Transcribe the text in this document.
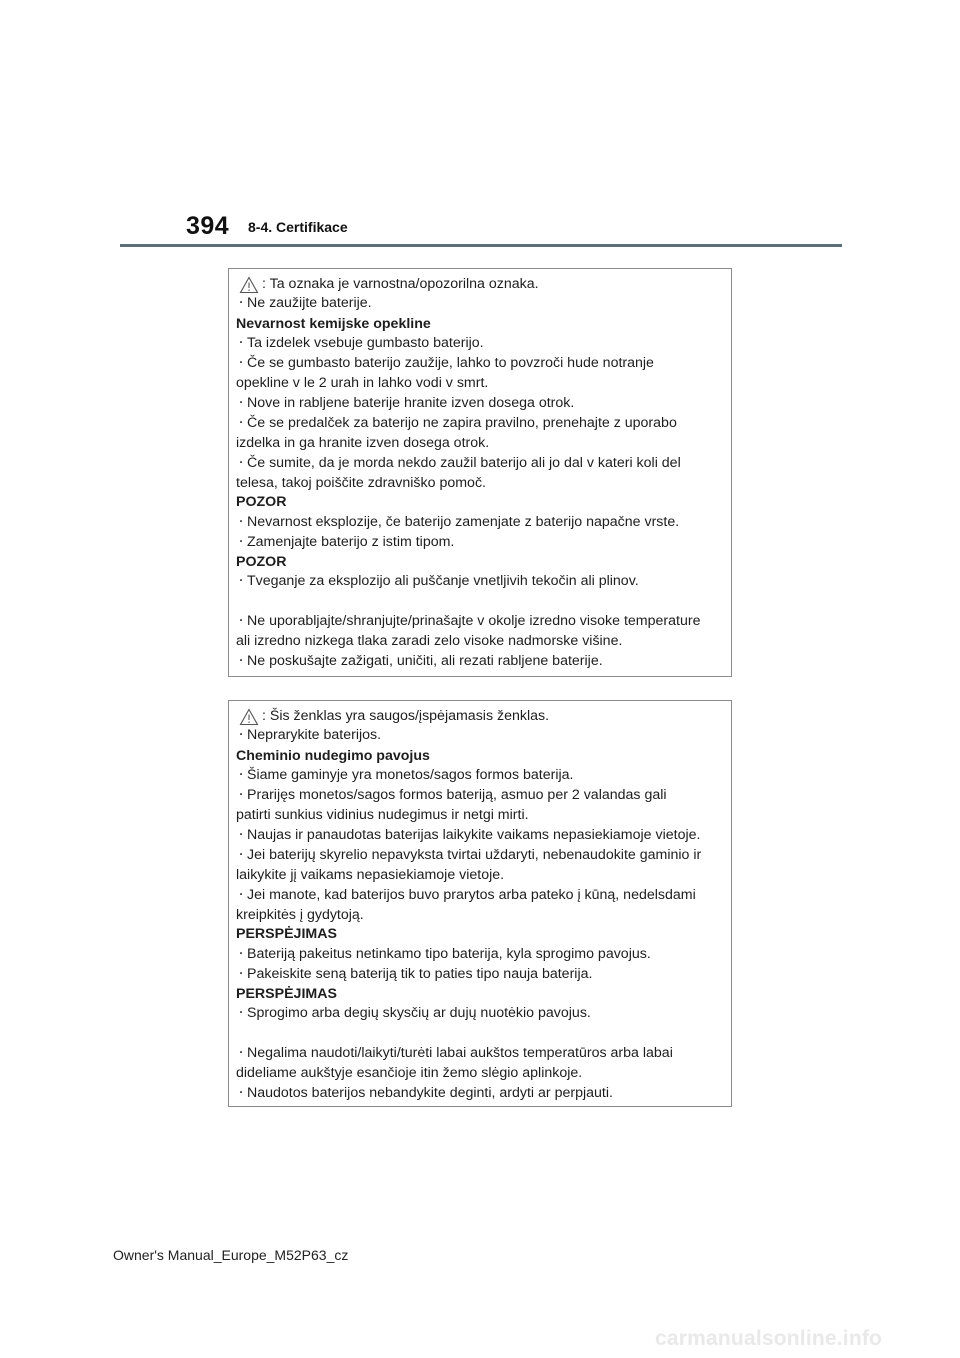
394 8-4. Certifikace
: Ta oznaka je varnostna/opozorilna oznaka.
・ Ne zaužijte baterije.
Nevarnost kemijske opekline
・ Ta izdelek vsebuje gumbasto baterijo.
・ Če se gumbasto baterijo zaužije, lahko to povzroči hude notranje
opekline v le 2 urah in lahko vodi v smrt.
・ Nove in rabljene baterije hranite izven dosega otrok.
・ Če se predalček za baterijo ne zapira pravilno, prenehajte z uporabo
izdelka in ga hranite izven dosega otrok.
・ Če sumite, da je morda nekdo zaužil baterijo ali jo dal v kateri koli del
telesa, takoj poiščite zdravniško pomoč.
POZOR
・ Nevarnost eksplozije, če baterijo zamenjate z baterijo napačne vrste.
・ Zamenjajte baterijo z istim tipom.
POZOR
・ Tveganje za eksplozijo ali puščanje vnetljivih tekočin ali plinov.
・ Ne uporabljajte/shranjujte/prinašajte v okolje izredno visoke temperature
ali izredno nizkega tlaka zaradi zelo visoke nadmorske višine.
・ Ne poskušajte zažigati, uničiti, ali rezati rabljene baterije.
: Šis ženklas yra saugos/įspėjamasis ženklas.
・ Neprarykite baterijos.
Cheminio nudegimo pavojus
・ Šiame gaminyje yra monetos/sagos formos baterija.
・ Prarijęs monetos/sagos formos bateriją, asmuo per 2 valandas gali
patirti sunkius vidinius nudegimus ir netgi mirti.
・ Naujas ir panaudotas baterijas laikykite vaikams nepasiekiamoje vietoje.
・ Jei baterijų skyrelio nepavyksta tvirtai uždaryti, nebenaudokite gaminio ir
laikykite jį vaikams nepasiekiamoje vietoje.
・ Jei manote, kad baterijos buvo prarytos arba pateko į kūną, nedelsdami
kreipkitės į gydytoją.
PERSPĖJIMAS
・ Bateriją pakeitus netinkamo tipo baterija, kyla sprogimo pavojus.
・ Pakeiskite seną bateriją tik to paties tipo nauja baterija.
PERSPĖJIMAS
・ Sprogimo arba degių skysčių ar dujų nuotėkio pavojus.
・ Negalima naudoti/laikyti/turėti labai aukštos temperatūros arba labai
dideliame aukštyje esančioje itin žemo slėgio aplinkoje.
・ Naudotos baterijos nebandykite deginti, ardyti ar perpjauti.
Owner's Manual_Europe_M52P63_cz
carmanualsonline.info
